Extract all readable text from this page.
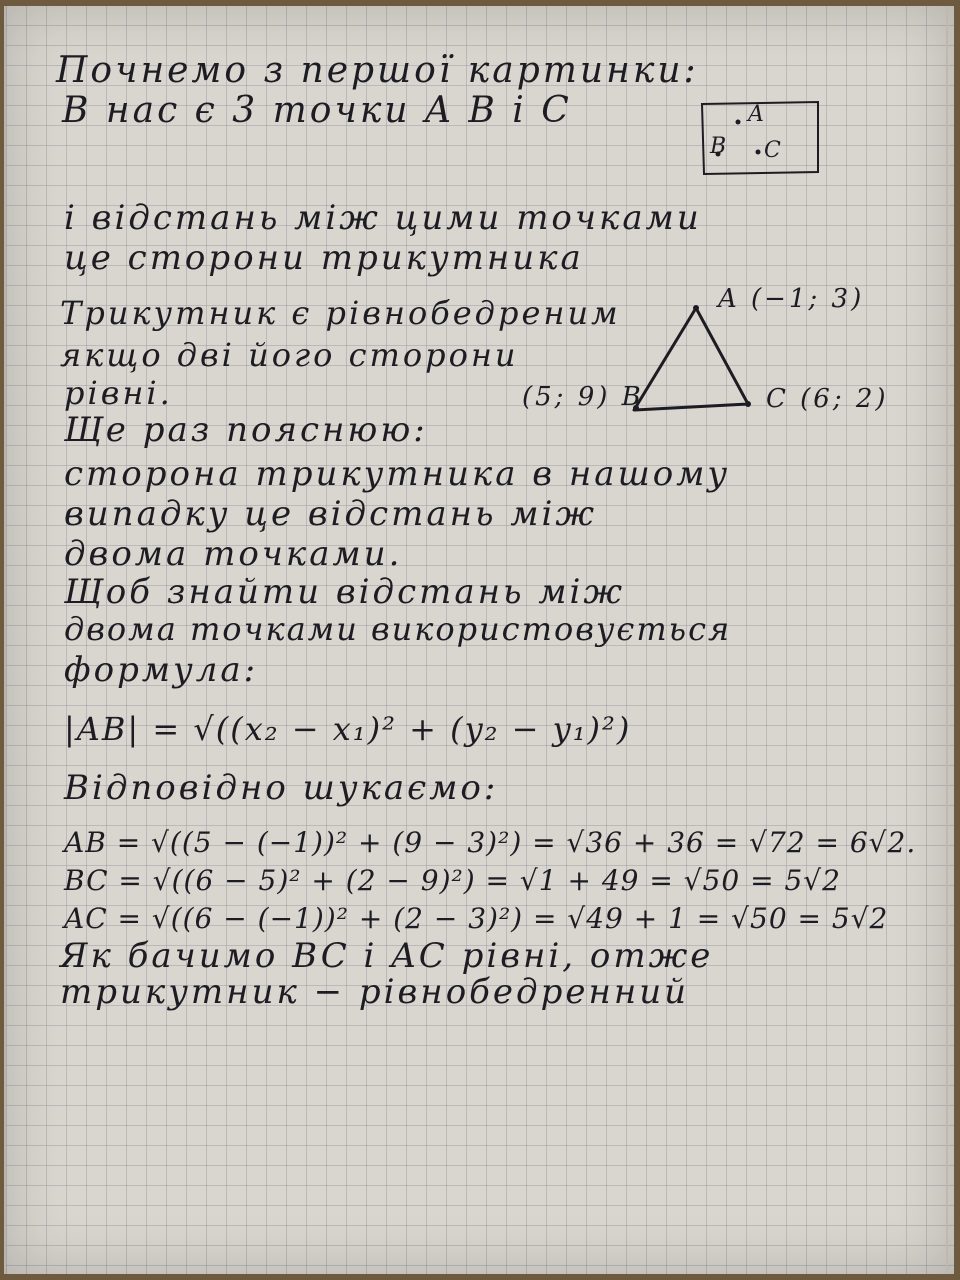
Почнемо з першої картинки:

В нас є 3 точки A B i C

і відстань між цими точками

це сторони трикутника

Трикутник є рівнобедреним

якщо дві його сторони

рівні.

Ще раз пояснюю:

сторона трикутника в нашому

випадку це відстань між

двома точками.

Щоб знайти відстань між

двома точками використовується

формула:

|AB| = √((x₂ − x₁)² + (y₂ − y₁)²)

Відповідно шукаємо:

AB = √((5 − (−1))² + (9 − 3)²) = √36 + 36 = √72 = 6√2.

BC = √((6 − 5)² + (2 − 9)²) = √1 + 49 = √50 = 5√2

AC = √((6 − (−1))² + (2 − 3)²) = √49 + 1 = √50 = 5√2

Як бачимо BC і AC рівні, отже

трикутник − рівнобедренний

A
B C
A (−1; 3)
(5; 9) B	C (6; 2)
